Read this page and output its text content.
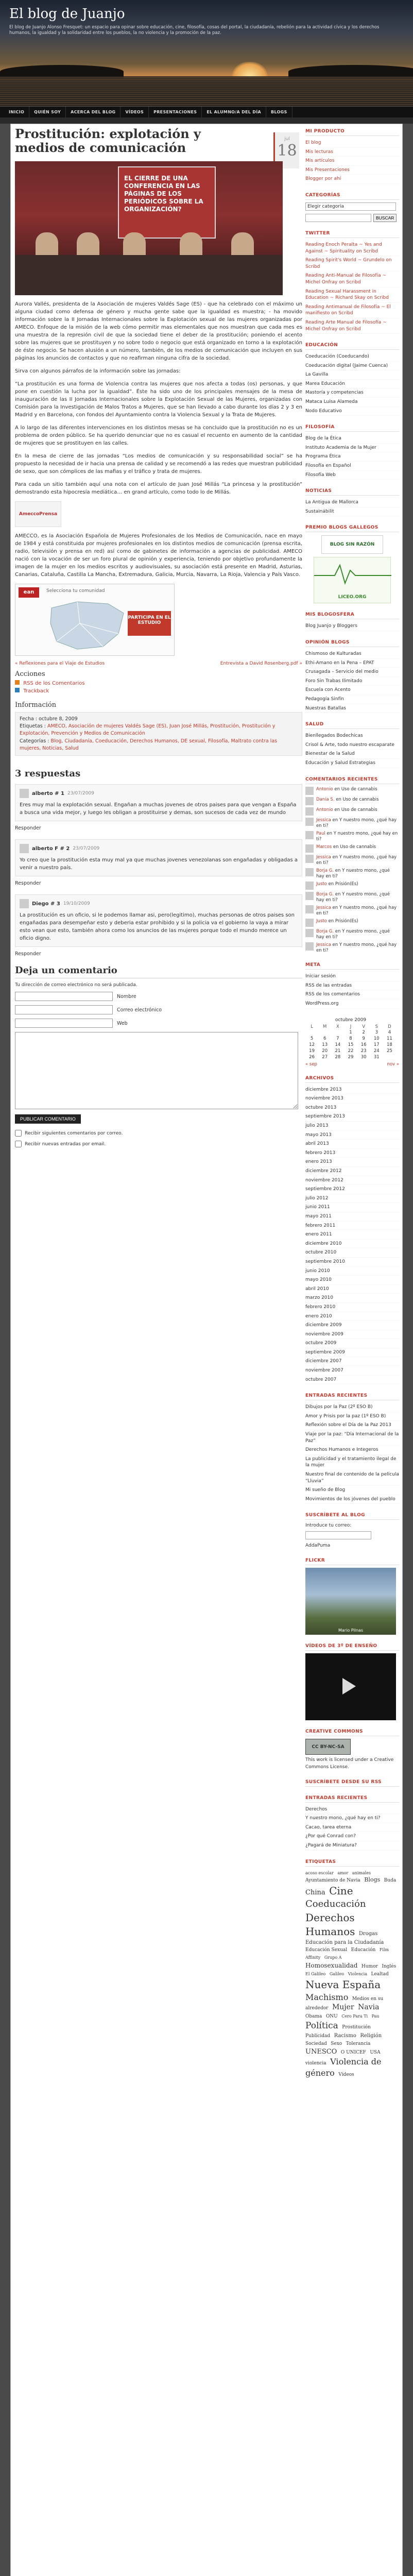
El blog de Juanjo
El blog de Juanjo Alonso Fresquet: un espacio para opinar sobre educación, cine, filosofía, cosas del portal, la ciudadanía, rebelión para la actividad cívica y los derechos humanos, la igualdad y la solidaridad entre los pueblos, la no violencia y la promoción de la paz.
INICIO	QUIÉN SOY	ACERCA DEL BLOG	VÍDEOS	PRESENTACIONES	EL ALUMNO/A DEL DÍA	BLOGS
jul
18
Prostitución: explotación y medios de comunicación
EL CIERRE DE UNA CONFERENCIA EN LAS PÁGINAS DE LOS PERIÓDICOS SOBRE LA ORGANIZACIÓN?

Aurora Vallés, presidenta de la Asociación de mujeres Valdés Sage (ES) - que ha celebrado con el máximo un alguna ciudad como defensa de género y mucha gente sabe que la igualdad es muestra; - ha movido información sobre la II Jornadas Internacionales sobre la Explotación sexual de las mujeres organizadas por AMECO. Enfoque de la misión de la web cómo permitir mas elementales que nos muestran que cada mes es una muestra de la represión civil de que la sociedad tiene el deber de la prostitución; poniendo el acento sobre las mujeres que se prostituyen y no sobre todo o negocio que está organizado en torno a la explotación de éste negocio. Se hacen alusión a un número, también, de los medios de comunicación que incluyen en sus páginas los anuncios de contactos y que no reafirman ninguna cifra de la sociedad.

Sirva con algunos párrafos de la información sobre las jornadas:

“La prostitución es una forma de Violencia contra las mujeres que nos afecta a todas (os) personas, y que pone en cuestión la lucha por la igualdad”. Éste ha sido uno de los principales mensajes de la mesa de inauguración de las II Jornadas Internacionales sobre la Explotación Sexual de las Mujeres, organizadas con Comisión para la Investigación de Malos Tratos a Mujeres, que se han llevado a cabo durante los días 2 y 3 en Madrid y en Barcelona, con fondos del Ayuntamiento contra la Violencia Sexual y la Trata de Mujeres.

A lo largo de las diferentes intervenciones en los distintos mesas se ha concluido que la prostitución no es un problema de orden público. Se ha querido denunciar que no es casual el recuento en aumento de la cantidad de mujeres que se prostituyen en las calles.

En la mesa de cierre de las jornadas “Los medios de comunicación y su responsabilidad social” se ha propuesto la necesidad de ir hacia una prensa de calidad y se recomendó a las redes que muestran publicidad de sexo, que son cómplices de las mafias y el tráfico y trata de mujeres.

Para cada un sitio también aquí una nota con el artículo de Juan José Millás “La princesa y la prostitución” demostrando esta hipocresía mediática… en grand artículo, como todo lo de Millás.

AmeccoPrensa

AMECCO, es la Asociación Española de Mujeres Profesionales de los Medios de Comunicación, nace en mayo de 1984 y está constituida por mujeres profesionales en los distintos medios de comunicación (prensa escrita, radio, televisión y prensa en red) así como de gabinetes de información a agencias de publicidad. AMECO nació con la vocación de ser un foro plural de opinión y experiencia, teniendo por objetivo profundamente la imagen de la mujer en los medios escritos y audiovisuales, su asociación está presente en Madrid, Asturias, Canarias, Cataluña, Castilla La Mancha, Extremadura, Galicia, Murcia, Navarra, La Rioja, Valencia y País Vasco.

ean	Selecciona tu comunidad
PARTICIPA EN EL ESTUDIO
« Reflexiones para el Viaje de Estudios	Entrevista a David Rosenberg.pdf »
Acciones
RSS de los Comentarios
Trackback
Información
Fecha : octubre 8, 2009
Etiquetas : AMECO, Asociación de mujeres Valdés Sage (ES), Juan José Millás, Prostitución, Prostitución y Explotación, Prevención y Medios de Comunicación
Categorías : Blog, Ciudadanía, Coeducación, Derechos Humanos, DE sexual, Filosofía, Maltrato contra las mujeres, Noticias, Salud
3 respuestas
alberto # 1 23/07/2009
Eres muy mal la explotación sexual. Engañan a muchas jovenes de otros paises para que vengan a España a busca una vida mejor, y luego les obligan a prostituirse y demas, son sucesos de cada vez de mundo
Responder
alberto F # 2 23/07/2009
Yo creo que la prostitución esta muy mal ya que muchas jovenes venezolanas son engañadas y obligadas a venir a nuestro país.
Responder
Diego # 3 19/10/2009
La prostitución es un oficio, si le podemos llamar asi, pero(legitimo), muchas personas de otros paises son engañadas para desempeñar esto y deberia estar prohibido y si la policia va el gobierno la vaya a mirar esto vean que esto, también ahora como los anuncios de las mujeres porque todo el mundo merece un oficio digno.
Responder
Deja un comentario
Tu dirección de correo electrónico no será publicada.
Nombre
Correo electrónico
Web
PUBLICAR COMENTARIO
Recibir siguientes comentarios por correo.
Recibir nuevas entradas por email.
MI PRODUCTO
El blog
Mis lecturas
Mis artículos
Mis Presentaciones
Blogger por ahí
CATEGORÍAS
Elegir categoría
BUSCAR
TWITTER
Reading Enoch Peralta ~ Yes and Against ~ Spirituality on Scribd
Reading Spirit's World ~ Grundelo on Scribd
Reading Anti-Manual de Filosofía ~ Michel Onfray on Scribd
Reading Sexual Harassment in Education ~ Richard Skay on Scribd
Reading Antimanual de Filosofía ~ El manifiesto on Scribd
Reading Arte Manual de Filosofía ~ Michel Onfray on Scribd
EDUCACIÓN
Coeducación (Coeducando)
Coeducación digital (Jaime Cuenca)
La Gavilla
Marea Educación
Mastoría y competencias
Mataca Luisa Alameda
Nodo Educativo
FILOSOFÍA
Blog de la Ética
Instituto Academia de la Mujer
Programa Ética
Filosofía en Español
Filosofía Web
NOTICIAS
La Antigua de Mallorca
Sustainábilit
PREMIO BLOGS GALLEGOS
BLOG SIN RAZÓN
LICEO.ORG
MIS BLOGOSFERA
Blog Juanjo y Bloggers
OPINIÓN BLOGS
Chismoso de Kulturadas
Ethi-Amano en la Pena – EPAT
Crusagada – Servicio del medio
Foro Sin Trabas Ilimitado
Escuela con Acento
Pedagogía Sinfín
Nuestras Batallas
SALUD
Bienllegados Bodechicas
Crisol & Arte, todo nuestro escaparate
Bienestar de la Salud
Educación y Salud Estrategias
COMENTARIOS RECIENTES
Antonio en Uso de cannabis
Dania S. en Uso de cannabis
Antonio en Uso de cannabis
Jessica en Y nuestro mono, ¿qué hay en ti?
Paul en Y nuestro mono, ¿qué hay en ti?
Marcos en Uso de cannabis
Jessica en Y nuestro mono, ¿qué hay en ti?
Borja G. en Y nuestro mono, ¿qué hay en ti?
Justo en Prisión(Es)
Borja G. en Y nuestro mono, ¿qué hay en ti?
Jessica en Y nuestro mono, ¿qué hay en ti?
Justo en Prisión(Es)
Borja G. en Y nuestro mono, ¿qué hay en ti?
Jessica en Y nuestro mono, ¿qué hay en ti?
META
Iniciar sesión
RSS de las entradas
RSS de los comentarios
WordPress.org
octubre 2009
L	M	X	J	V	S	D
			1	2	3	4
5	6	7	8	9	10	11
12	13	14	15	16	17	18
19	20	21	22	23	24	25
26	27	28	29	30	31	
« sep	nov »
ARCHIVOS
diciembre 2013
noviembre 2013
octubre 2013
septiembre 2013
julio 2013
mayo 2013
abril 2013
febrero 2013
enero 2013
diciembre 2012
noviembre 2012
septiembre 2012
julio 2012
junio 2011
mayo 2011
febrero 2011
enero 2011
diciembre 2010
octubre 2010
septiembre 2010
junio 2010
mayo 2010
abril 2010
marzo 2010
febrero 2010
enero 2010
diciembre 2009
noviembre 2009
octubre 2009
septiembre 2009
diciembre 2007
noviembre 2007
octubre 2007
ENTRADAS RECIENTES
Dibujos por la Paz (2º ESO B)
Amor y Prisis por la paz (1º ESO B)
Reflexión sobre el Día de la Paz 2013
Viaje por la paz: “Día Internacional de la Paz”
Derechos Humanos e Integeros
La publicidad y el tratamiento ilegal de la mujer
Nuestro final de contenido de la película “Lluvia”
Mi sueño de Blog
Movimientos de los jóvenes del pueblo
SUSCRÍBETE AL BLOG

Introduce tu correo:

AddaPuma

FLICKR
Mario Pilnas
VÍDEOS DE 3º DE ENSEÑO
CREATIVE COMMONS
CC BY-NC-SA

This work is licensed under a Creative Commons License.

SUSCRÍBETE DESDE SU RSS
ENTRADAS RECIENTES
Derechos
Y nuestro mono, ¿qué hay en ti?
Cacao, tarea eterna
¿Por qué Conrad con?
¿Pagará de Miniatura?
ETIQUETAS
acoso escolar amor animales Ayuntamiento de Navia Blogs Buda China Cine Coeducación Derechos Humanos Drogas Educación para la Ciudadanía Educación Sexual Educación Film Affinity Grupo A Homosexualidad Humor Inglés El Galileo Galileo Violencia Lealtad Nueva España Machismo Medios en su alrededor Mujer Navia Obama ONU Cero Para Ti Pau Política Prostitución Publicidad Racismo Religión Sociedad Sexo Tolerancia UNESCO O UNICEF USA violencia Violencia de género Vídeos
